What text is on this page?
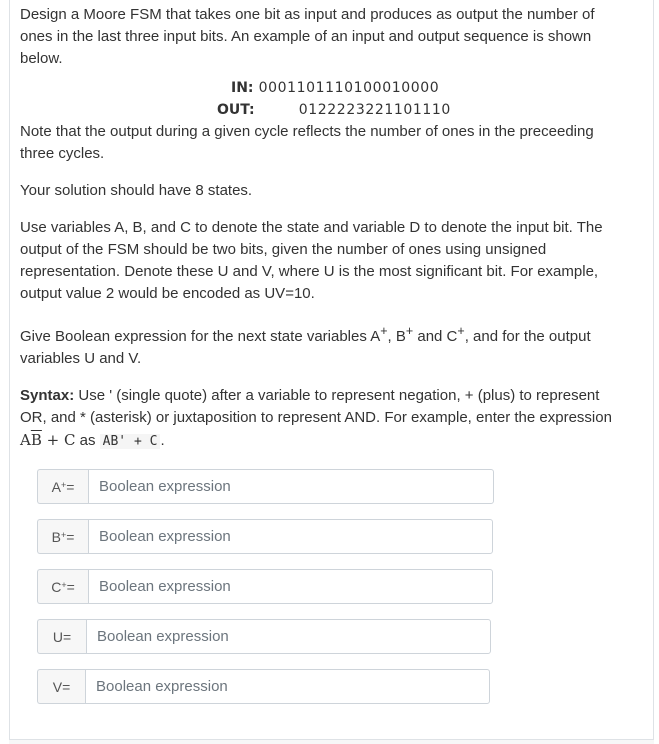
Design a Moore FSM that takes one bit as input and produces as output the number of ones in the last three input bits. An example of an input and output sequence is shown below.

IN: 0001101110100010000
OUT:	0122223221101110

Note that the output during a given cycle reflects the number of ones in the preceeding three cycles.

Your solution should have 8 states.

Use variables A, B, and C to denote the state and variable D to denote the input bit. The output of the FSM should be two bits, given the number of ones using unsigned representation. Denote these U and V, where U is the most significant bit. For example, output value 2 would be encoded as UV=10.

Give Boolean expression for the next state variables A+, B+ and C+, and for the output variables U and V.

Syntax: Use ' (single quote) after a variable to represent negation, + (plus) to represent OR, and * (asterisk) or juxtaposition to represent AND. For example, enter the expression $A\overline{B} + C$ as AB' + C .

A+ =
Boolean expression
B+ =
Boolean expression
C+ =
Boolean expression
U =
Boolean expression
V =
Boolean expression
